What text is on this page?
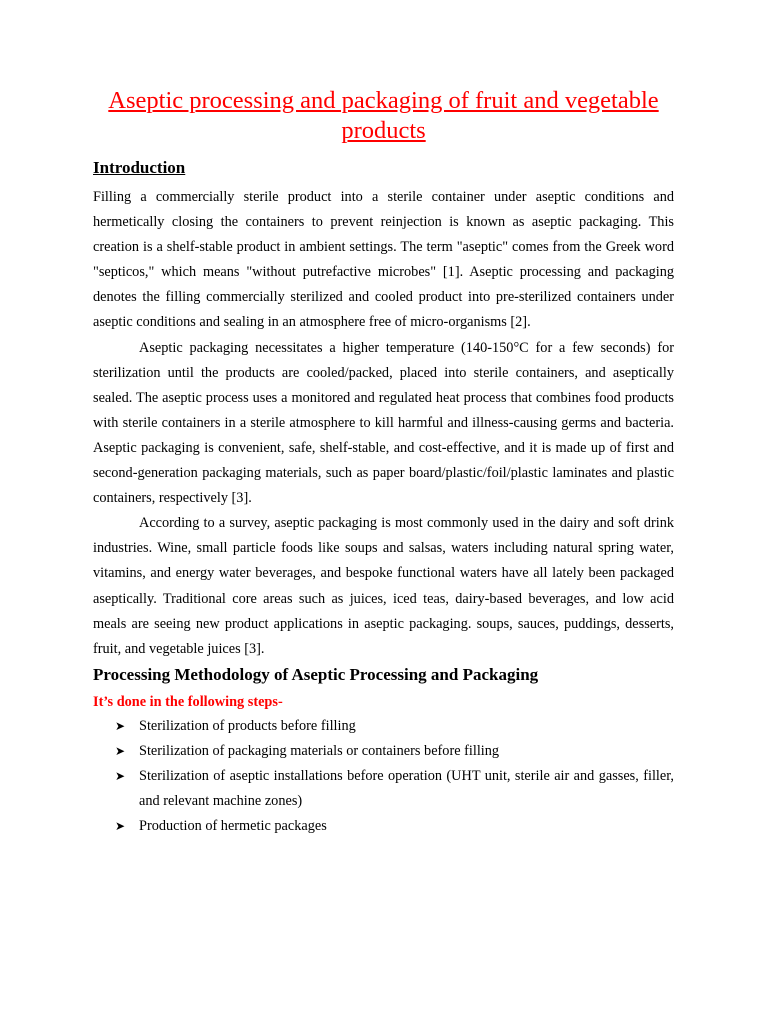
Aseptic processing and packaging of fruit and vegetable products
Introduction

Filling a commercially sterile product into a sterile container under aseptic conditions and hermetically closing the containers to prevent reinjection is known as aseptic packaging. This creation is a shelf-stable product in ambient settings. The term "aseptic" comes from the Greek word "septicos," which means "without putrefactive microbes" [1]. Aseptic processing and packaging denotes the filling commercially sterilized and cooled product into pre-sterilized containers under aseptic conditions and sealing in an atmosphere free of micro-organisms [2].

Aseptic packaging necessitates a higher temperature (140-150°C for a few seconds) for sterilization until the products are cooled/packed, placed into sterile containers, and aseptically sealed. The aseptic process uses a monitored and regulated heat process that combines food products with sterile containers in a sterile atmosphere to kill harmful and illness-causing germs and bacteria. Aseptic packaging is convenient, safe, shelf-stable, and cost-effective, and it is made up of first and second-generation packaging materials, such as paper board/plastic/foil/plastic laminates and plastic containers, respectively [3].

According to a survey, aseptic packaging is most commonly used in the dairy and soft drink industries. Wine, small particle foods like soups and salsas, waters including natural spring water, vitamins, and energy water beverages, and bespoke functional waters have all lately been packaged aseptically. Traditional core areas such as juices, iced teas, dairy-based beverages, and low acid meals are seeing new product applications in aseptic packaging. soups, sauces, puddings, desserts, fruit, and vegetable juices [3].

Processing Methodology of Aseptic Processing and Packaging

It’s done in the following steps-

➤ Sterilization of products before filling
➤ Sterilization of packaging materials or containers before filling
➤ Sterilization of aseptic installations before operation (UHT unit, sterile air and gasses, filler, and relevant machine zones)
➤ Production of hermetic packages
